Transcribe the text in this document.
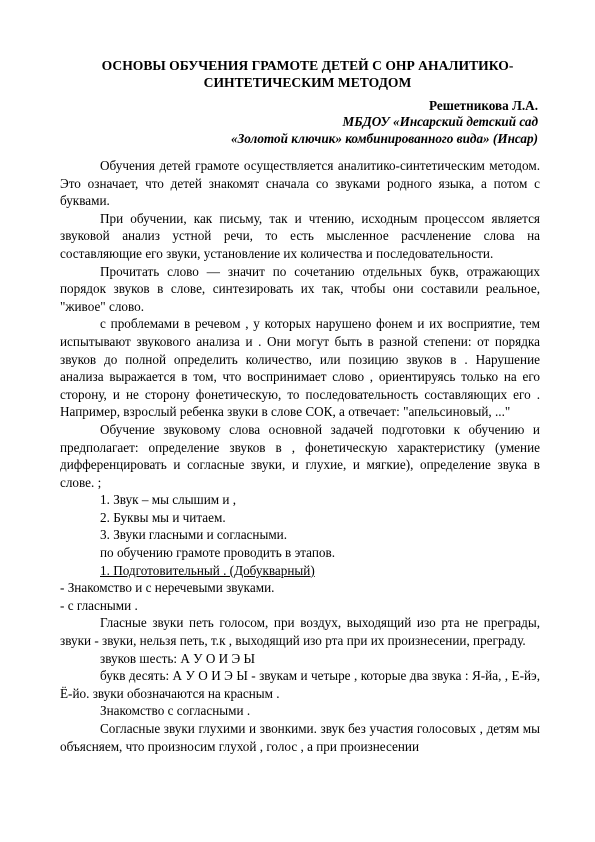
ОСНОВЫ ОБУЧЕНИЯ ГРАМОТЕ ДЕТЕЙ С ОНР АНАЛИТИКО-СИНТЕТИЧЕСКИМ МЕТОДОМ
Решетникова Л.А.
МБДОУ «Инсарский детский сад
«Золотой ключик» комбинированного вида» (Инсар)

Обучения детей грамоте осуществляется аналитико-синтетическим методом. Это означает, что детей знакомят сначала со звуками родного языка, а потом с буквами.

При обучении, как письму, так и чтению, исходным процессом является звуковой анализ устной речи, то есть мысленное расчленение слова на составляющие его звуки, установление их количества и последовательности.

Прочитать слово — значит по сочетанию отдельных букв, отражающих порядок звуков в слове, синтезировать их так, чтобы они составили реальное, "живое" слово.

с проблемами в речевом , у которых нарушено фонем и их восприятие, тем испытывают звукового анализа и . Они могут быть в разной степени: от порядка звуков до полной определить количество, или позицию звуков в . Нарушение анализа выражается в том, что воспринимает слово , ориентируясь только на его сторону, и не сторону фонетическую, то последовательность составляющих его . Например, взрослый ребенка звуки в слове СОК, а отвечает: "апельсиновый, ..."

Обучение звуковому слова основной задачей подготовки к обучению и предполагает: определение звуков в , фонетическую характеристику (умение дифференцировать и согласные звуки, и глухие, и мягкие), определение звука в слове. ;

1. Звук – мы слышим и ,

2. Буквы мы и читаем.

3. Звуки гласными и согласными.

по обучению грамоте проводить в этапов.

1. Подготовительный . (Добукварный)

- Знакомство и с неречевыми звуками.

- с гласными .

Гласные звуки петь голосом, при воздух, выходящий изо рта не преграды, звуки - звуки, нельзя петь, т.к , выходящий изо рта при их произнесении, преграду.

звуков шесть: А У О И Э Ы

букв десять: А У О И Э Ы - звукам и четыре , которые два звука : Я-йа, , Е-йэ, Ё-йо. звуки обозначаются на красным .

Знакомство с согласными .

Согласные звуки глухими и звонкими. звук без участия голосовых , детям мы объясняем, что произносим глухой , голос , а при произнесении
